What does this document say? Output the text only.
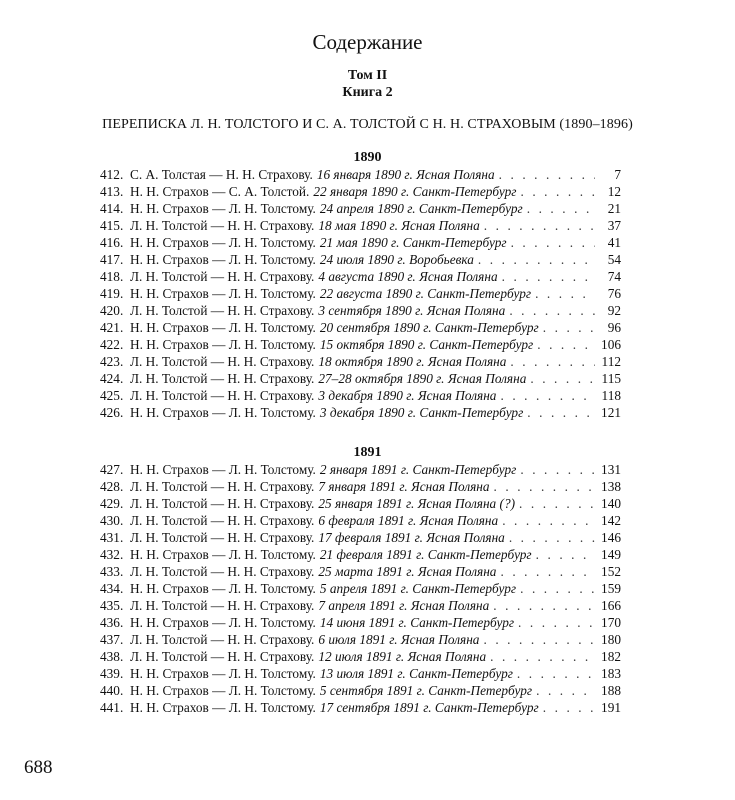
Содержание
Том II
Книга 2
ПЕРЕПИСКА Л. Н. ТОЛСТОГО И С. А. ТОЛСТОЙ С Н. Н. СТРАХОВЫМ (1890–1896)
1890
412. С. А. Толстая — Н. Н. Страхову. 16 января 1890 г. Ясная Поляна . . .	7
413. Н. Н. Страхов — С. А. Толстой. 22 января 1890 г. Санкт-Петербург . . .	12
414. Н. Н. Страхов — Л. Н. Толстому. 24 апреля 1890 г. Санкт-Петербург . . .	21
415. Л. Н. Толстой — Н. Н. Страхову. 18 мая 1890 г. Ясная Поляна . . .	37
416. Н. Н. Страхов — Л. Н. Толстому. 21 мая 1890 г. Санкт-Петербург . . .	41
417. Н. Н. Страхов — Л. Н. Толстому. 24 июля 1890 г. Воробьевка . . .	54
418. Л. Н. Толстой — Н. Н. Страхову. 4 августа 1890 г. Ясная Поляна . . .	74
419. Н. Н. Страхов — Л. Н. Толстому. 22 августа 1890 г. Санкт-Петербург . . .	76
420. Л. Н. Толстой — Н. Н. Страхову. 3 сентября 1890 г. Ясная Поляна . . .	92
421. Н. Н. Страхов — Л. Н. Толстому. 20 сентября 1890 г. Санкт-Петербург . . .	96
422. Н. Н. Страхов — Л. Н. Толстому. 15 октября 1890 г. Санкт-Петербург . . .	106
423. Л. Н. Толстой — Н. Н. Страхову. 18 октября 1890 г. Ясная Поляна . . .	112
424. Л. Н. Толстой — Н. Н. Страхову. 27–28 октября 1890 г. Ясная Поляна . . .	115
425. Л. Н. Толстой — Н. Н. Страхову. 3 декабря 1890 г. Ясная Поляна . . .	118
426. Н. Н. Страхов — Л. Н. Толстому. 3 декабря 1890 г. Санкт-Петербург . . .	121
1891
427. Н. Н. Страхов — Л. Н. Толстому. 2 января 1891 г. Санкт-Петербург . . .	131
428. Л. Н. Толстой — Н. Н. Страхову. 7 января 1891 г. Ясная Поляна . . .	138
429. Л. Н. Толстой — Н. Н. Страхову. 25 января 1891 г. Ясная Поляна (?) . . .	140
430. Л. Н. Толстой — Н. Н. Страхову. 6 февраля 1891 г. Ясная Поляна . . .	142
431. Л. Н. Толстой — Н. Н. Страхову. 17 февраля 1891 г. Ясная Поляна . . .	146
432. Н. Н. Страхов — Л. Н. Толстому. 21 февраля 1891 г. Санкт-Петербург . . .	149
433. Л. Н. Толстой — Н. Н. Страхову. 25 марта 1891 г. Ясная Поляна . . .	152
434. Н. Н. Страхов — Л. Н. Толстому. 5 апреля 1891 г. Санкт-Петербург . . .	159
435. Л. Н. Толстой — Н. Н. Страхову. 7 апреля 1891 г. Ясная Поляна . . .	166
436. Н. Н. Страхов — Л. Н. Толстому. 14 июня 1891 г. Санкт-Петербург . . .	170
437. Л. Н. Толстой — Н. Н. Страхову. 6 июля 1891 г. Ясная Поляна . . .	180
438. Л. Н. Толстой — Н. Н. Страхову. 12 июля 1891 г. Ясная Поляна . . .	182
439. Н. Н. Страхов — Л. Н. Толстому. 13 июля 1891 г. Санкт-Петербург . . .	183
440. Н. Н. Страхов — Л. Н. Толстому. 5 сентября 1891 г. Санкт-Петербург . . .	188
441. Н. Н. Страхов — Л. Н. Толстому. 17 сентября 1891 г. Санкт-Петербург . . .	191
688
